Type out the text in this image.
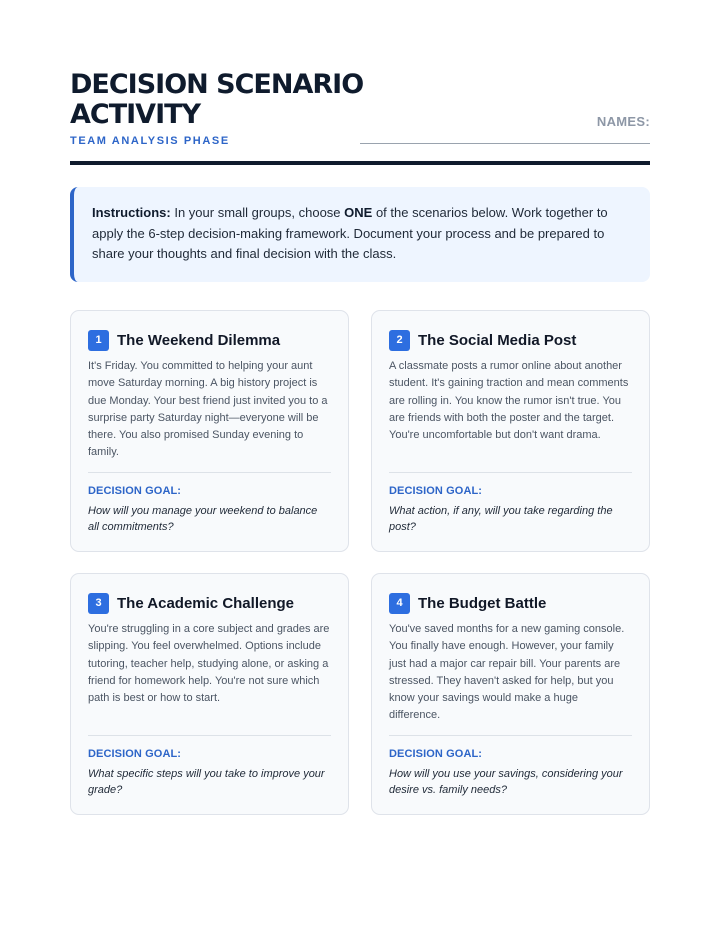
DECISION SCENARIO ACTIVITY
TEAM ANALYSIS PHASE
NAMES:
Instructions: In your small groups, choose ONE of the scenarios below. Work together to apply the 6-step decision-making framework. Document your process and be prepared to share your thoughts and final decision with the class.
1	The Weekend Dilemma
It's Friday. You committed to helping your aunt move Saturday morning. A big history project is due Monday. Your best friend just invited you to a surprise party Saturday night—everyone will be there. You also promised Sunday evening to family.
DECISION GOAL:
How will you manage your weekend to balance all commitments?
2	The Social Media Post
A classmate posts a rumor online about another student. It's gaining traction and mean comments are rolling in. You know the rumor isn't true. You are friends with both the poster and the target. You're uncomfortable but don't want drama.
DECISION GOAL:
What action, if any, will you take regarding the post?
3	The Academic Challenge
You're struggling in a core subject and grades are slipping. You feel overwhelmed. Options include tutoring, teacher help, studying alone, or asking a friend for homework help. You're not sure which path is best or how to start.
DECISION GOAL:
What specific steps will you take to improve your grade?
4	The Budget Battle
You've saved months for a new gaming console. You finally have enough. However, your family just had a major car repair bill. Your parents are stressed. They haven't asked for help, but you know your savings would make a huge difference.
DECISION GOAL:
How will you use your savings, considering your desire vs. family needs?
